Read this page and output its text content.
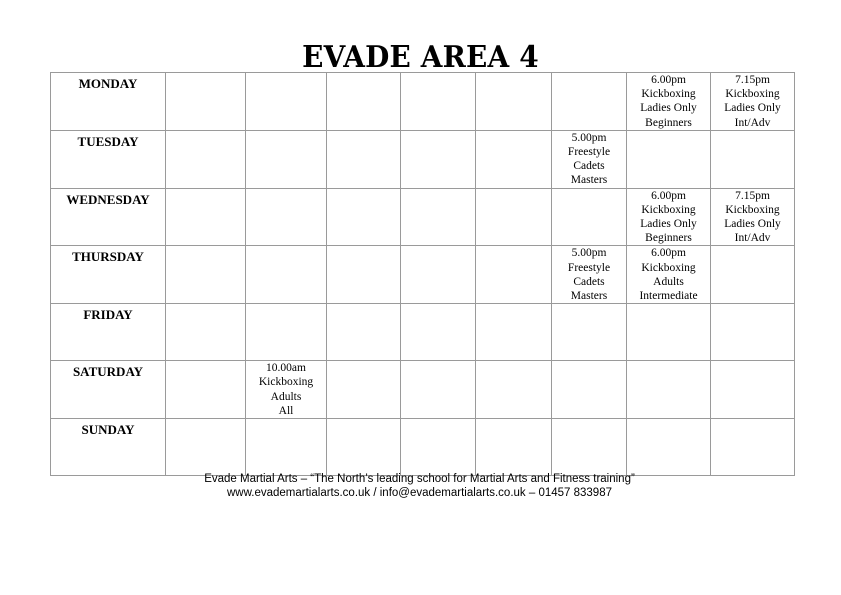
EVADE AREA 4
MONDAY							6.00pm
Kickboxing
Ladies Only
Beginners	7.15pm
Kickboxing
Ladies Only
Int/Adv

TUESDAY						5.00pm
Freestyle
Cadets
Masters		

WEDNESDAY							6.00pm
Kickboxing
Ladies Only
Beginners	7.15pm
Kickboxing
Ladies Only
Int/Adv

THURSDAY						5.00pm
Freestyle
Cadets
Masters	6.00pm
Kickboxing
Adults
Intermediate	

FRIDAY								
SATURDAY		10.00am
Kickboxing
Adults
All						

SUNDAY								
Evade Martial Arts – “The North’s leading school for Martial Arts and Fitness training”
www.evademartialarts.co.uk / info@evademartialarts.co.uk – 01457 833987
